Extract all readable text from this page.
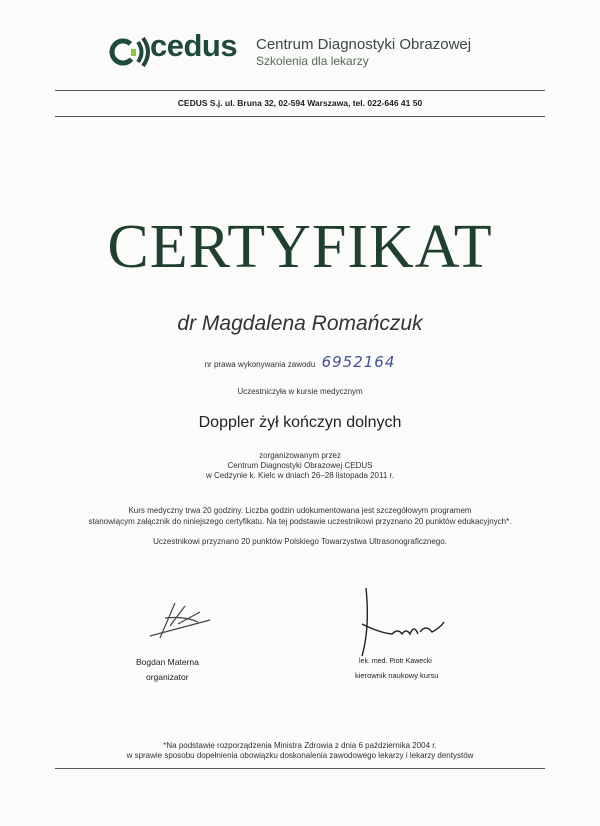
cedus Centrum Diagnostyki Obrazowej
Szkolenia dla lekarzy
CEDUS S.j. ul. Bruna 32, 02-594 Warszawa, tel. 022-646 41 50
CERTYFIKAT
dr Magdalena Romańczuk
nr prawa wykonywania zawodu 6952164
Uczestniczyła w kursie medycznym
Doppler żył kończyn dolnych
zorganizowanym przez
Centrum Diagnostyki Obrazowej CEDUS
w Cedzynie k. Kielc w dniach 26–28 listopada 2011 r.
Kurs medyczny trwa 20 godziny. Liczba godzin udokumentowana jest szczegółowym programem
stanowiącym załącznik do niniejszego certyfikatu. Na tej podstawie uczestnikowi przyznano 20 punktów edukacyjnych*.
Uczestnikowi przyznano 20 punktów Polskiego Towarzystwa Ultrasonograficznego.
Bogdan Materna
organizator
lek. med. Piotr Kawecki
kierownik naukowy kursu
*Na podstawie rozporządzenia Ministra Zdrowia z dnia 6 października 2004 r.
w sprawie sposobu dopełnienia obowiązku doskonalenia zawodowego lekarzy i lekarzy dentystów
